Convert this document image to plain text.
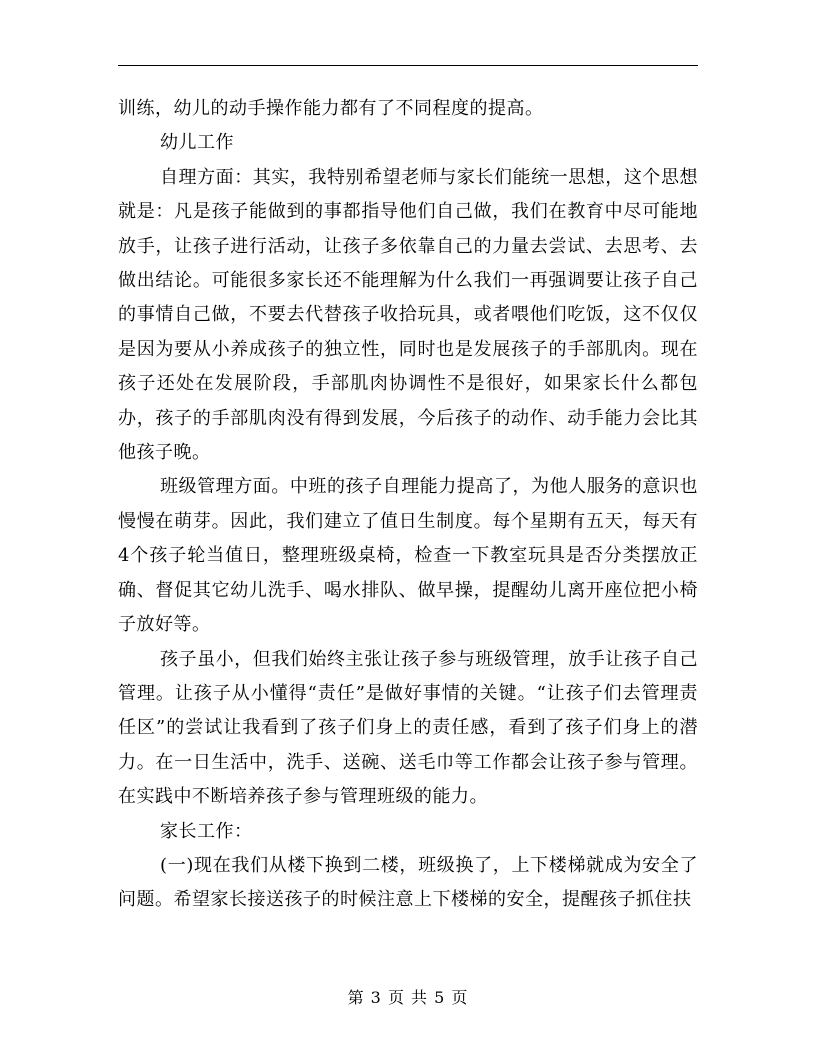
训练，幼儿的动手操作能力都有了不同程度的提高。

幼儿工作

自理方面：其实，我特别希望老师与家长们能统一思想，这个思想就是：凡是孩子能做到的事都指导他们自己做，我们在教育中尽可能地放手，让孩子进行活动，让孩子多依靠自己的力量去尝试、去思考、去做出结论。可能很多家长还不能理解为什么我们一再强调要让孩子自己的事情自己做，不要去代替孩子收拾玩具，或者喂他们吃饭，这不仅仅是因为要从小养成孩子的独立性，同时也是发展孩子的手部肌肉。现在孩子还处在发展阶段，手部肌肉协调性不是很好，如果家长什么都包办，孩子的手部肌肉没有得到发展，今后孩子的动作、动手能力会比其他孩子晚。

班级管理方面。中班的孩子自理能力提高了，为他人服务的意识也慢慢在萌芽。因此，我们建立了值日生制度。每个星期有五天，每天有4个孩子轮当值日，整理班级桌椅，检查一下教室玩具是否分类摆放正确、督促其它幼儿洗手、喝水排队、做早操，提醒幼儿离开座位把小椅子放好等。

孩子虽小，但我们始终主张让孩子参与班级管理，放手让孩子自己管理。让孩子从小懂得“责任”是做好事情的关键。“让孩子们去管理责任区”的尝试让我看到了孩子们身上的责任感，看到了孩子们身上的潜力。在一日生活中，洗手、送碗、送毛巾等工作都会让孩子参与管理。在实践中不断培养孩子参与管理班级的能力。

家长工作：

(一)现在我们从楼下换到二楼，班级换了，上下楼梯就成为安全了问题。希望家长接送孩子的时候注意上下楼梯的安全，提醒孩子抓住扶

第 3 页 共 5 页
